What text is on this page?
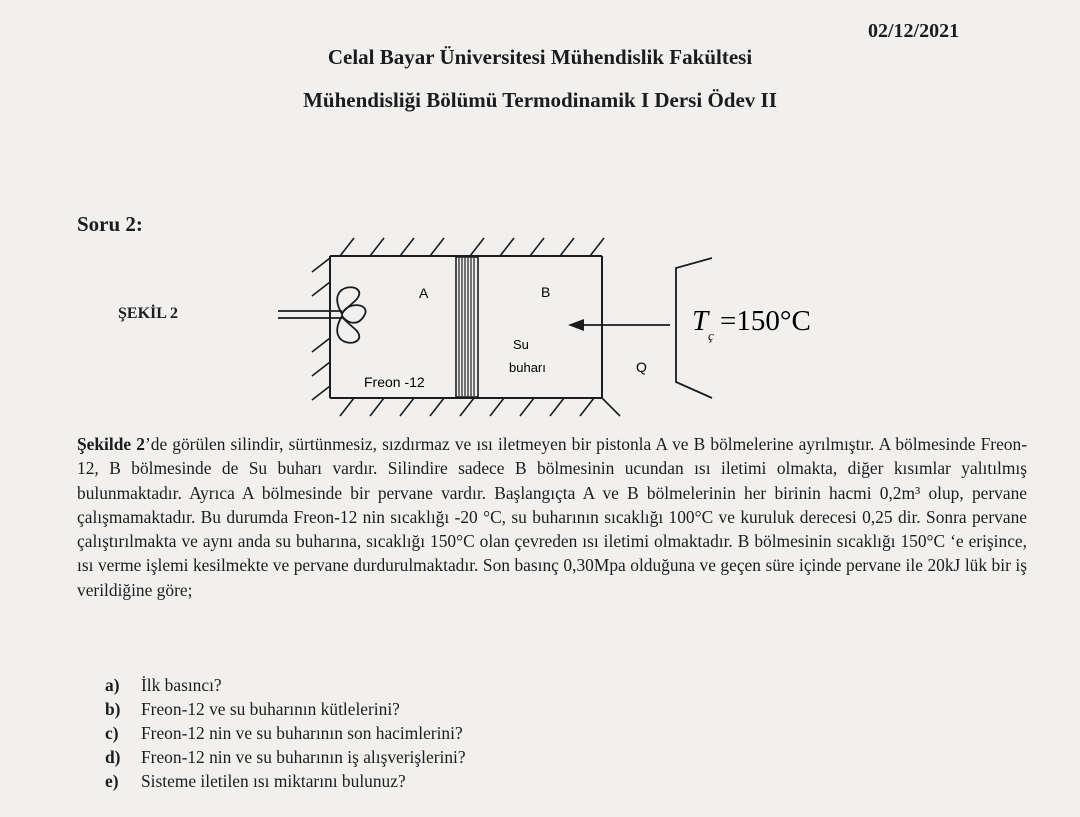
02/12/2021
Celal Bayar Üniversitesi Mühendislik Fakültesi
Mühendisliği Bölümü Termodinamik I Dersi Ödev II
Soru 2:
ŞEKİL 2
A	B
Freon -12
Su
buharı	Q
T ç =150°C
Şekilde 2’de görülen silindir, sürtünmesiz, sızdırmaz ve ısı iletmeyen bir pistonla A ve B bölmelerine ayrılmıştır. A bölmesinde Freon-12, B bölmesinde de Su buharı vardır. Silindire sadece B bölmesinin ucundan ısı iletimi olmakta, diğer kısımlar yalıtılmış bulunmaktadır. Ayrıca A bölmesinde bir pervane vardır. Başlangıçta A ve B bölmelerinin her birinin hacmi 0,2m³ olup, pervane çalışmamaktadır. Bu durumda Freon-12 nin sıcaklığı -20 °C, su buharının sıcaklığı 100°C ve kuruluk derecesi 0,25 dir. Sonra pervane çalıştırılmakta ve aynı anda su buharına, sıcaklığı 150°C olan çevreden ısı iletimi olmaktadır. B bölmesinin sıcaklığı 150°C ‘e erişince, ısı verme işlemi kesilmekte ve pervane durdurulmaktadır. Son basınç 0,30Mpa olduğuna ve geçen süre içinde pervane ile 20kJ lük bir iş verildiğine göre;
a) İlk basıncı?
b) Freon-12 ve su buharının kütlelerini?
c) Freon-12 nin ve su buharının son hacimlerini?
d) Freon-12 nin ve su buharının iş alışverişlerini?
e) Sisteme iletilen ısı miktarını bulunuz?
